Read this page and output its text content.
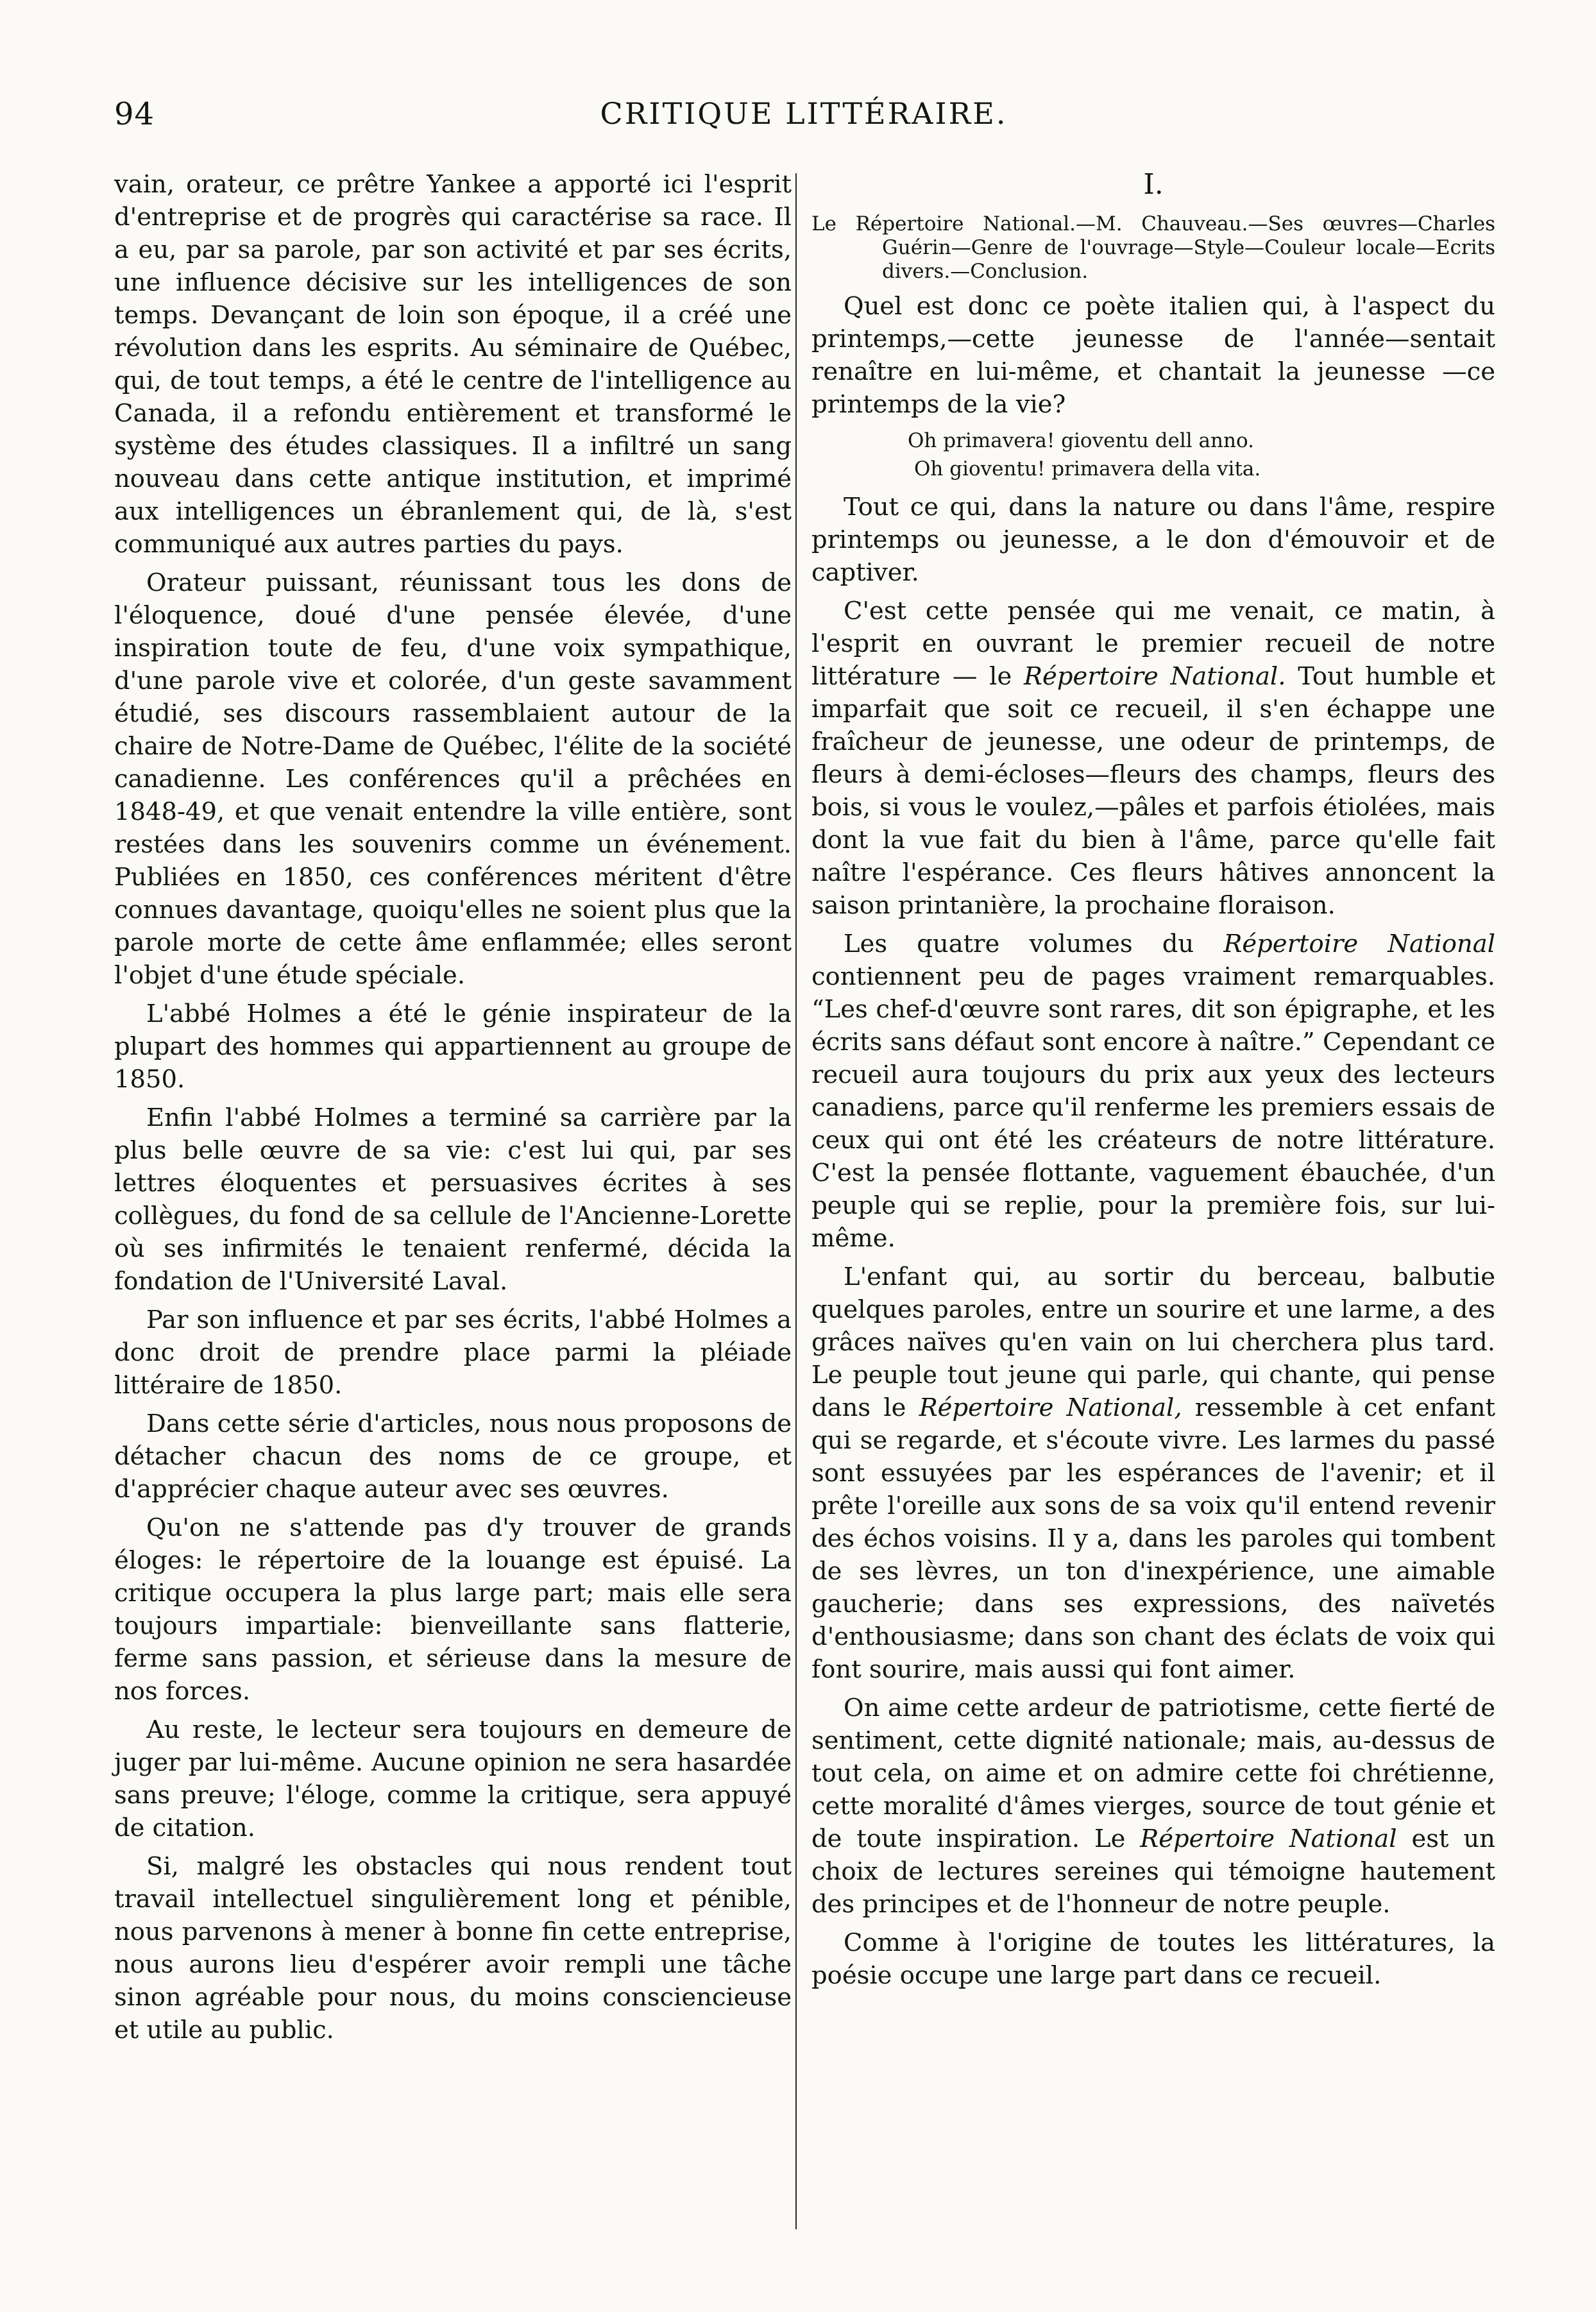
94	CRITIQUE LITTÉRAIRE.

vain, orateur, ce prêtre Yankee a apporté ici l'esprit d'entreprise et de progrès qui caractérise sa race. Il a eu, par sa parole, par son activité et par ses écrits, une influence décisive sur les intelligences de son temps. Devançant de loin son époque, il a créé une révolution dans les esprits. Au séminaire de Québec, qui, de tout temps, a été le centre de l'intelligence au Canada, il a refondu entièrement et transformé le système des études classiques. Il a infiltré un sang nouveau dans cette antique institution, et imprimé aux intelligences un ébranlement qui, de là, s'est communiqué aux autres parties du pays.

Orateur puissant, réunissant tous les dons de l'éloquence, doué d'une pensée élevée, d'une inspiration toute de feu, d'une voix sympathique, d'une parole vive et colorée, d'un geste savamment étudié, ses discours rassemblaient autour de la chaire de Notre-Dame de Québec, l'élite de la société canadienne. Les conférences qu'il a prêchées en 1848-49, et que venait entendre la ville entière, sont restées dans les souvenirs comme un événement. Publiées en 1850, ces conférences méritent d'être connues davantage, quoiqu'elles ne soient plus que la parole morte de cette âme enflammée; elles seront l'objet d'une étude spéciale.

L'abbé Holmes a été le génie inspirateur de la plupart des hommes qui appartiennent au groupe de 1850.

Enfin l'abbé Holmes a terminé sa carrière par la plus belle œuvre de sa vie: c'est lui qui, par ses lettres éloquentes et persuasives écrites à ses collègues, du fond de sa cellule de l'Ancienne-Lorette où ses infirmités le tenaient renfermé, décida la fondation de l'Université Laval.

Par son influence et par ses écrits, l'abbé Holmes a donc droit de prendre place parmi la pléiade littéraire de 1850.

Dans cette série d'articles, nous nous proposons de détacher chacun des noms de ce groupe, et d'apprécier chaque auteur avec ses œuvres.

Qu'on ne s'attende pas d'y trouver de grands éloges: le répertoire de la louange est épuisé. La critique occupera la plus large part; mais elle sera toujours impartiale: bienveillante sans flatterie, ferme sans passion, et sérieuse dans la mesure de nos forces.

Au reste, le lecteur sera toujours en demeure de juger par lui-même. Aucune opinion ne sera hasardée sans preuve; l'éloge, comme la critique, sera appuyé de citation.

Si, malgré les obstacles qui nous rendent tout travail intellectuel singulièrement long et pénible, nous parvenons à mener à bonne fin cette entreprise, nous aurons lieu d'espérer avoir rempli une tâche sinon agréable pour nous, du moins consciencieuse et utile au public.

I.
Le Répertoire National.—M. Chauveau.—Ses œuvres—Charles Guérin—Genre de l'ouvrage—Style—Couleur locale—Ecrits divers.—Conclusion.

Quel est donc ce poète italien qui, à l'aspect du printemps,—cette jeunesse de l'année—sentait renaître en lui-même, et chantait la jeunesse —ce printemps de la vie?

Oh primavera! gioventu dell anno.
Oh gioventu! primavera della vita.

Tout ce qui, dans la nature ou dans l'âme, respire printemps ou jeunesse, a le don d'émouvoir et de captiver.

C'est cette pensée qui me venait, ce matin, à l'esprit en ouvrant le premier recueil de notre littérature — le Répertoire National. Tout humble et imparfait que soit ce recueil, il s'en échappe une fraîcheur de jeunesse, une odeur de printemps, de fleurs à demi-écloses—fleurs des champs, fleurs des bois, si vous le voulez,—pâles et parfois étiolées, mais dont la vue fait du bien à l'âme, parce qu'elle fait naître l'espérance. Ces fleurs hâtives annoncent la saison printanière, la prochaine floraison.

Les quatre volumes du Répertoire National contiennent peu de pages vraiment remarquables. “Les chef-d'œuvre sont rares, dit son épigraphe, et les écrits sans défaut sont encore à naître.” Cependant ce recueil aura toujours du prix aux yeux des lecteurs canadiens, parce qu'il renferme les premiers essais de ceux qui ont été les créateurs de notre littérature. C'est la pensée flottante, vaguement ébauchée, d'un peuple qui se replie, pour la première fois, sur lui-même.

L'enfant qui, au sortir du berceau, balbutie quelques paroles, entre un sourire et une larme, a des grâces naïves qu'en vain on lui cherchera plus tard. Le peuple tout jeune qui parle, qui chante, qui pense dans le Répertoire National, ressemble à cet enfant qui se regarde, et s'écoute vivre. Les larmes du passé sont essuyées par les espérances de l'avenir; et il prête l'oreille aux sons de sa voix qu'il entend revenir des échos voisins. Il y a, dans les paroles qui tombent de ses lèvres, un ton d'inexpérience, une aimable gaucherie; dans ses expressions, des naïvetés d'enthousiasme; dans son chant des éclats de voix qui font sourire, mais aussi qui font aimer.

On aime cette ardeur de patriotisme, cette fierté de sentiment, cette dignité nationale; mais, au-dessus de tout cela, on aime et on admire cette foi chrétienne, cette moralité d'âmes vierges, source de tout génie et de toute inspiration. Le Répertoire National est un choix de lectures sereines qui témoigne hautement des principes et de l'honneur de notre peuple.

Comme à l'origine de toutes les littératures, la poésie occupe une large part dans ce recueil.
